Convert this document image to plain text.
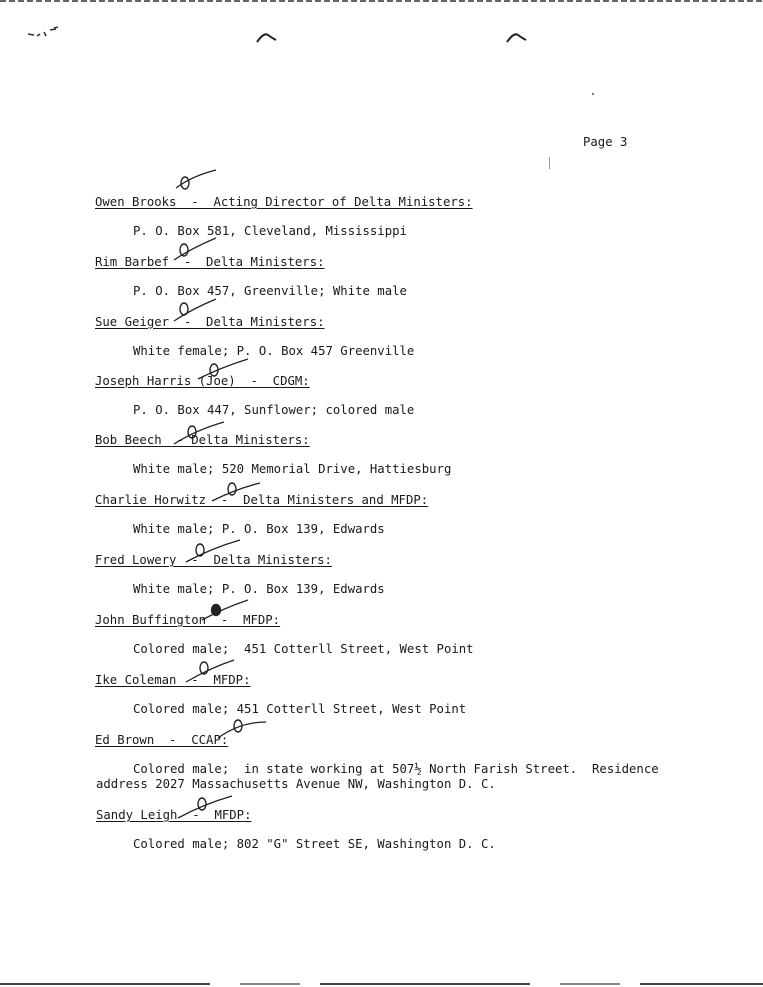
Page 3
Owen Brooks  -  Acting Director of Delta Ministers:
P. O. Box 581, Cleveland, Mississippi
Rim Barbef  -  Delta Ministers:
P. O. Box 457, Greenville; White male
Sue Geiger  -  Delta Ministers:
White female; P. O. Box 457 Greenville
Joseph Harris (Joe)  -  CDGM:
P. O. Box 447, Sunflower; colored male
Bob Beech  - Delta Ministers:
White male; 520 Memorial Drive, Hattiesburg
Charlie Horwitz  -  Delta Ministers and MFDP:
White male; P. O. Box 139, Edwards
Fred Lowery  -  Delta Ministers:
White male; P. O. Box 139, Edwards
John Buffington  -  MFDP:
Colored male;  451 Cotterll Street, West Point
Ike Coleman  -  MFDP:
Colored male; 451 Cotterll Street, West Point
Ed Brown  -  CCAP:
Colored male;  in state working at 507½ North Farish Street.  Residence
address 2027 Massachusetts Avenue NW, Washington D. C.
Sandy Leigh  -  MFDP:
Colored male; 802 "G" Street SE, Washington D. C.
